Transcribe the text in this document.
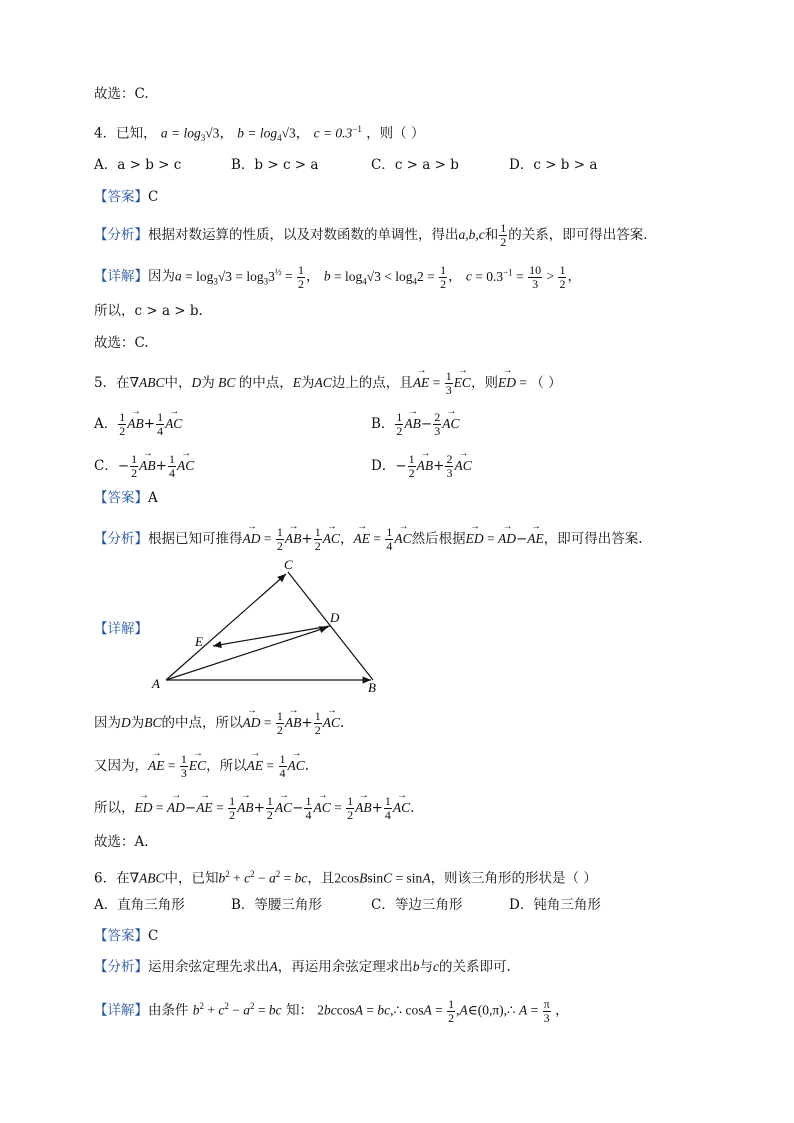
故选：C.
4．已知， $a = \log_3√3$， $b = \log_4√3$， $c = 0.3^{-1}$ ，则（ ）
A．a > b > c	B．b > c > a	C．c > a > b	D．c > b > a
【答案】C
【分析】根据对数运算的性质，以及对数函数的单调性，得出a,b,c和 $\frac{1}{2}$ 的关系，即可得出答案.
【详解】因为$a = \log_3√3 = \log_33^{\frac{1}{2}} = \frac{1}{2}$ ， $b = \log_4√3 < \log_42 = \frac{1}{2}$ ， $c = 0.3^{-1} = \frac{10}{3} > \frac{1}{2}$ ，
所以，c > a > b.
故选：C.
5．在∇ABC中，D为 BC 的中点，E为AC边上的点，且→ AE = $\frac{1}{3}$
→ EC，则→ ED = （ ）
A． $\frac{1}{2}$
→ $AB+ \frac{1}{4}$
→ AC	B． $\frac{1}{2}$
→ $AB- \frac{2}{3}$
→ AC
C．− $\frac{1}{2}$
→ $AB+ \frac{1}{4}$
→ AC	D．− $\frac{1}{2}$
→ $AB+ \frac{2}{3}$
→ AC
【答案】A
【分析】根据已知可推得→ AD = $\frac{1}{2}$
→ $AB+ \frac{1}{2}$
→ AC，→ AE = $\frac{1}{4}$
→ AC然后根据→ ED = → AD−→ AE，即可得出答案.
【详解】
A	B
C
D
E
因为D为BC的中点，所以→ AD = $\frac{1}{2}$
→ $AB+ \frac{1}{2}$
→ AC.
又因为，→ AE = $\frac{1}{3}$
→ EC，所以→ AE = $\frac{1}{4}$
→ AC.
所以，→ ED = → AD−→ AE = $\frac{1}{2}$
→ $AB+ \frac{1}{2}$
→ $AC- \frac{1}{4}$
→ AC = $\frac{1}{2}$
→ $AB+ \frac{1}{4}$
→ AC.
故选：A.
6．在∇ABC中，已知$b^2 + c^2 - a^2$ = bc，且2cosBsinC = sinA，则该三角形的形状是（ ）
A．直角三角形	B．等腰三角形	C．等边三角形	D．钝角三角形
【答案】C
【分析】运用余弦定理先求出A，再运用余弦定理求出b与c的关系即可.
【详解】由条件 $b^2 + c^2 - a^2$ = bc 知： 2bccosA = bc,∴ $\cos A = \frac{1}{2}$ ,A∈(0,π),∴ $A = \frac{\pi}{3}$ ，
